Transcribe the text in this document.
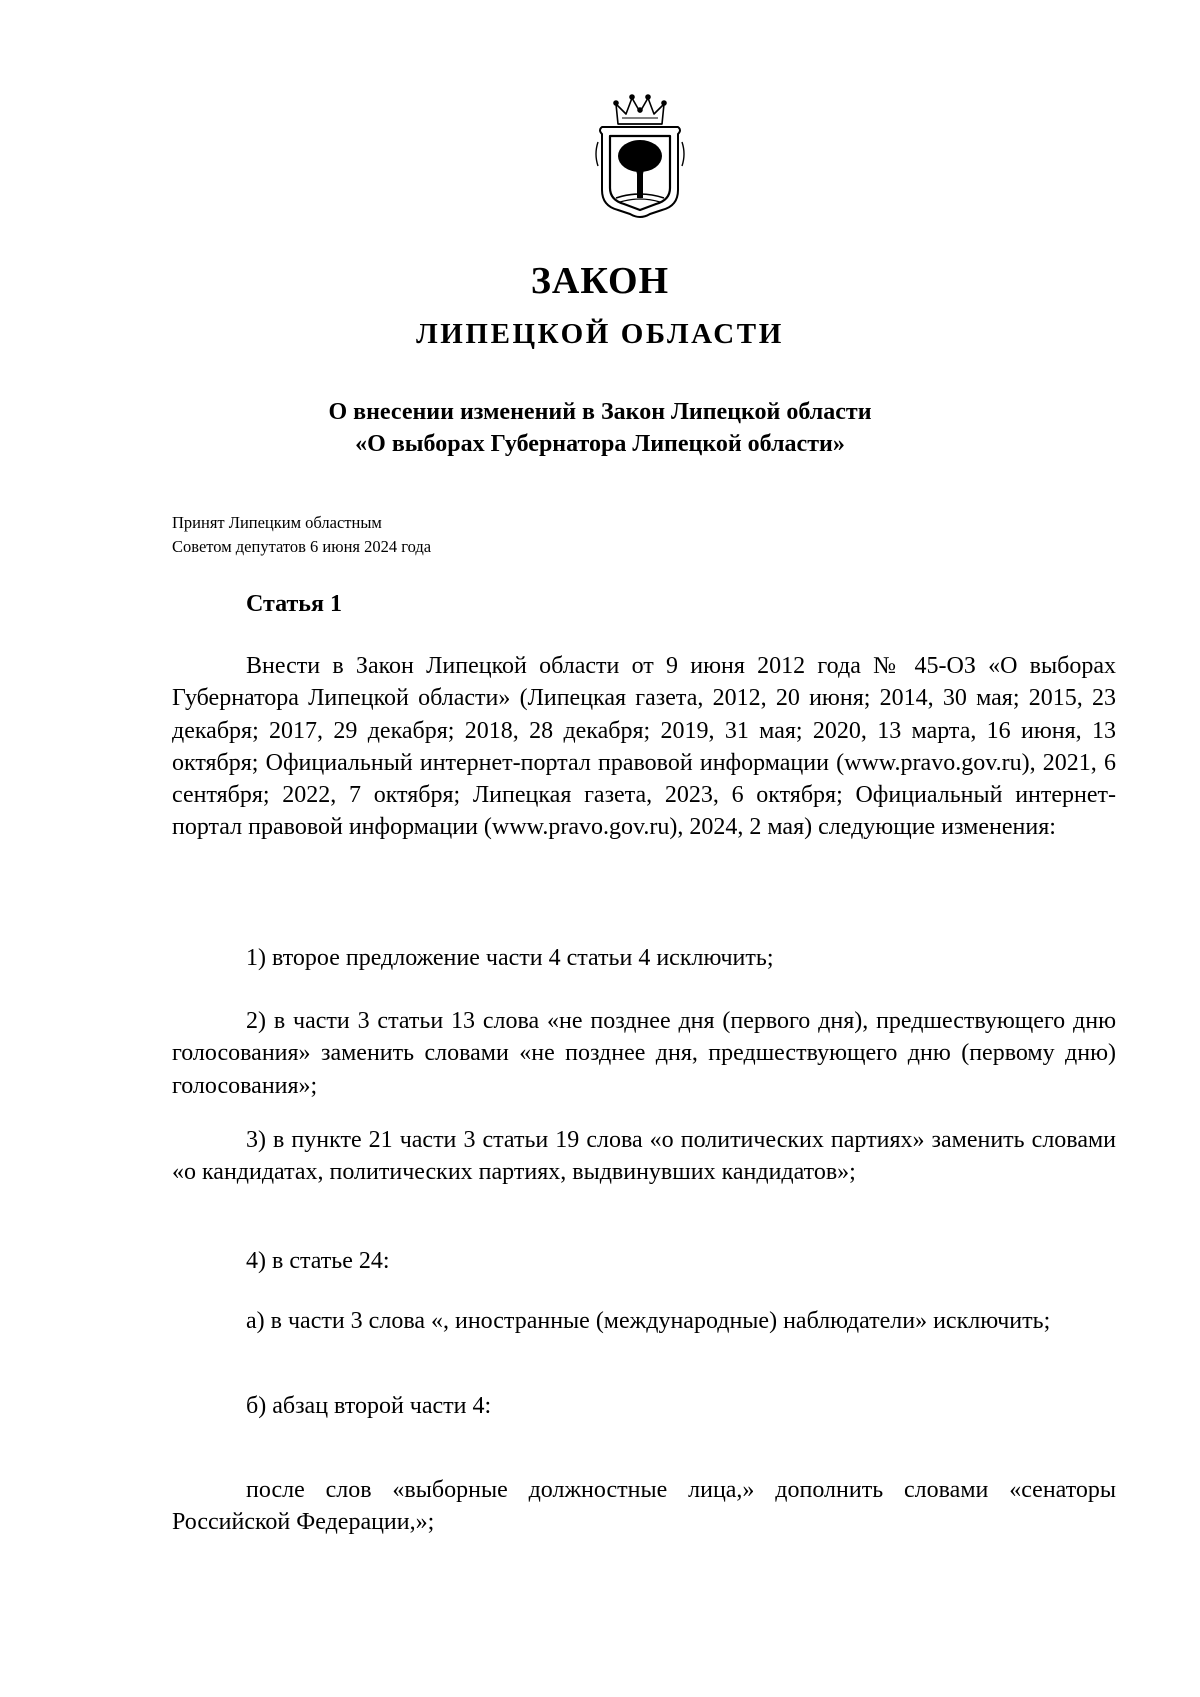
ЗАКОН
ЛИПЕЦКОЙ ОБЛАСТИ
О внесении изменений в Закон Липецкой области
«О выборах Губернатора Липецкой области»
Принят Липецким областным
Советом депутатов 6 июня 2024 года
Статья 1

Внести в Закон Липецкой области от 9 июня 2012 года № 45-ОЗ «О выборах Губернатора Липецкой области» (Липецкая газета, 2012, 20 июня; 2014, 30 мая; 2015, 23 декабря; 2017, 29 декабря; 2018, 28 декабря; 2019, 31 мая; 2020, 13 марта, 16 июня, 13 октября; Официальный интернет-портал правовой информации (www.pravo.gov.ru), 2021, 6 сентября; 2022, 7 октября; Липецкая газета, 2023, 6 октября; Официальный интернет-портал правовой информации (www.pravo.gov.ru), 2024, 2 мая) следующие изменения:

1) второе предложение части 4 статьи 4 исключить;

2) в части 3 статьи 13 слова «не позднее дня (первого дня), предшествующего дню голосования» заменить словами «не позднее дня, предшествующего дню (первому дню) голосования»;

3) в пункте 21 части 3 статьи 19 слова «о политических партиях» заменить словами «о кандидатах, политических партиях, выдвинувших кандидатов»;

4) в статье 24:

а) в части 3 слова «, иностранные (международные) наблюдатели» исключить;

б) абзац второй части 4:

после слов «выборные должностные лица,» дополнить словами «сенаторы Российской Федерации,»;
